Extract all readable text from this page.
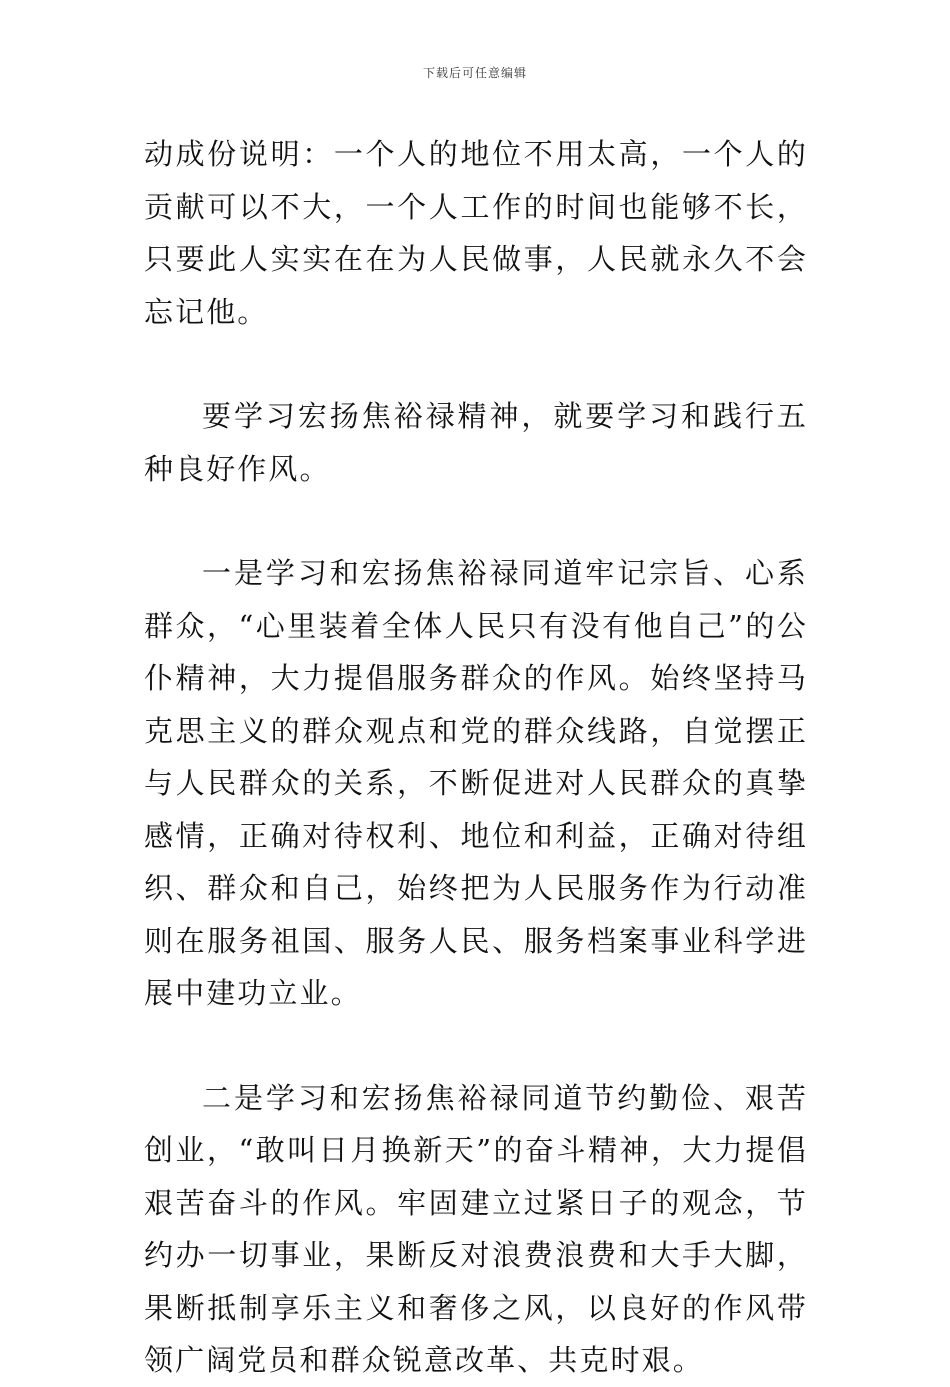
下载后可任意编辑

动成份说明：一个人的地位不用太高，一个人的贡献可以不大，一个人工作的时间也能够不长，只要此人实实在在为人民做事，人民就永久不会忘记他。

要学习宏扬焦裕禄精神，就要学习和践行五种良好作风。

一是学习和宏扬焦裕禄同道牢记宗旨、心系群众，“心里装着全体人民只有没有他自己”的公仆精神，大力提倡服务群众的作风。始终坚持马克思主义的群众观点和党的群众线路，自觉摆正与人民群众的关系，不断促进对人民群众的真挚感情，正确对待权利、地位和利益，正确对待组织、群众和自己，始终把为人民服务作为行动准则在服务祖国、服务人民、服务档案事业科学进展中建功立业。

二是学习和宏扬焦裕禄同道节约勤俭、艰苦创业，“敢叫日月换新天”的奋斗精神，大力提倡艰苦奋斗的作风。牢固建立过紧日子的观念，节约办一切事业，果断反对浪费浪费和大手大脚，果断抵制享乐主义和奢侈之风，以良好的作风带领广阔党员和群众锐意改革、共克时艰。
